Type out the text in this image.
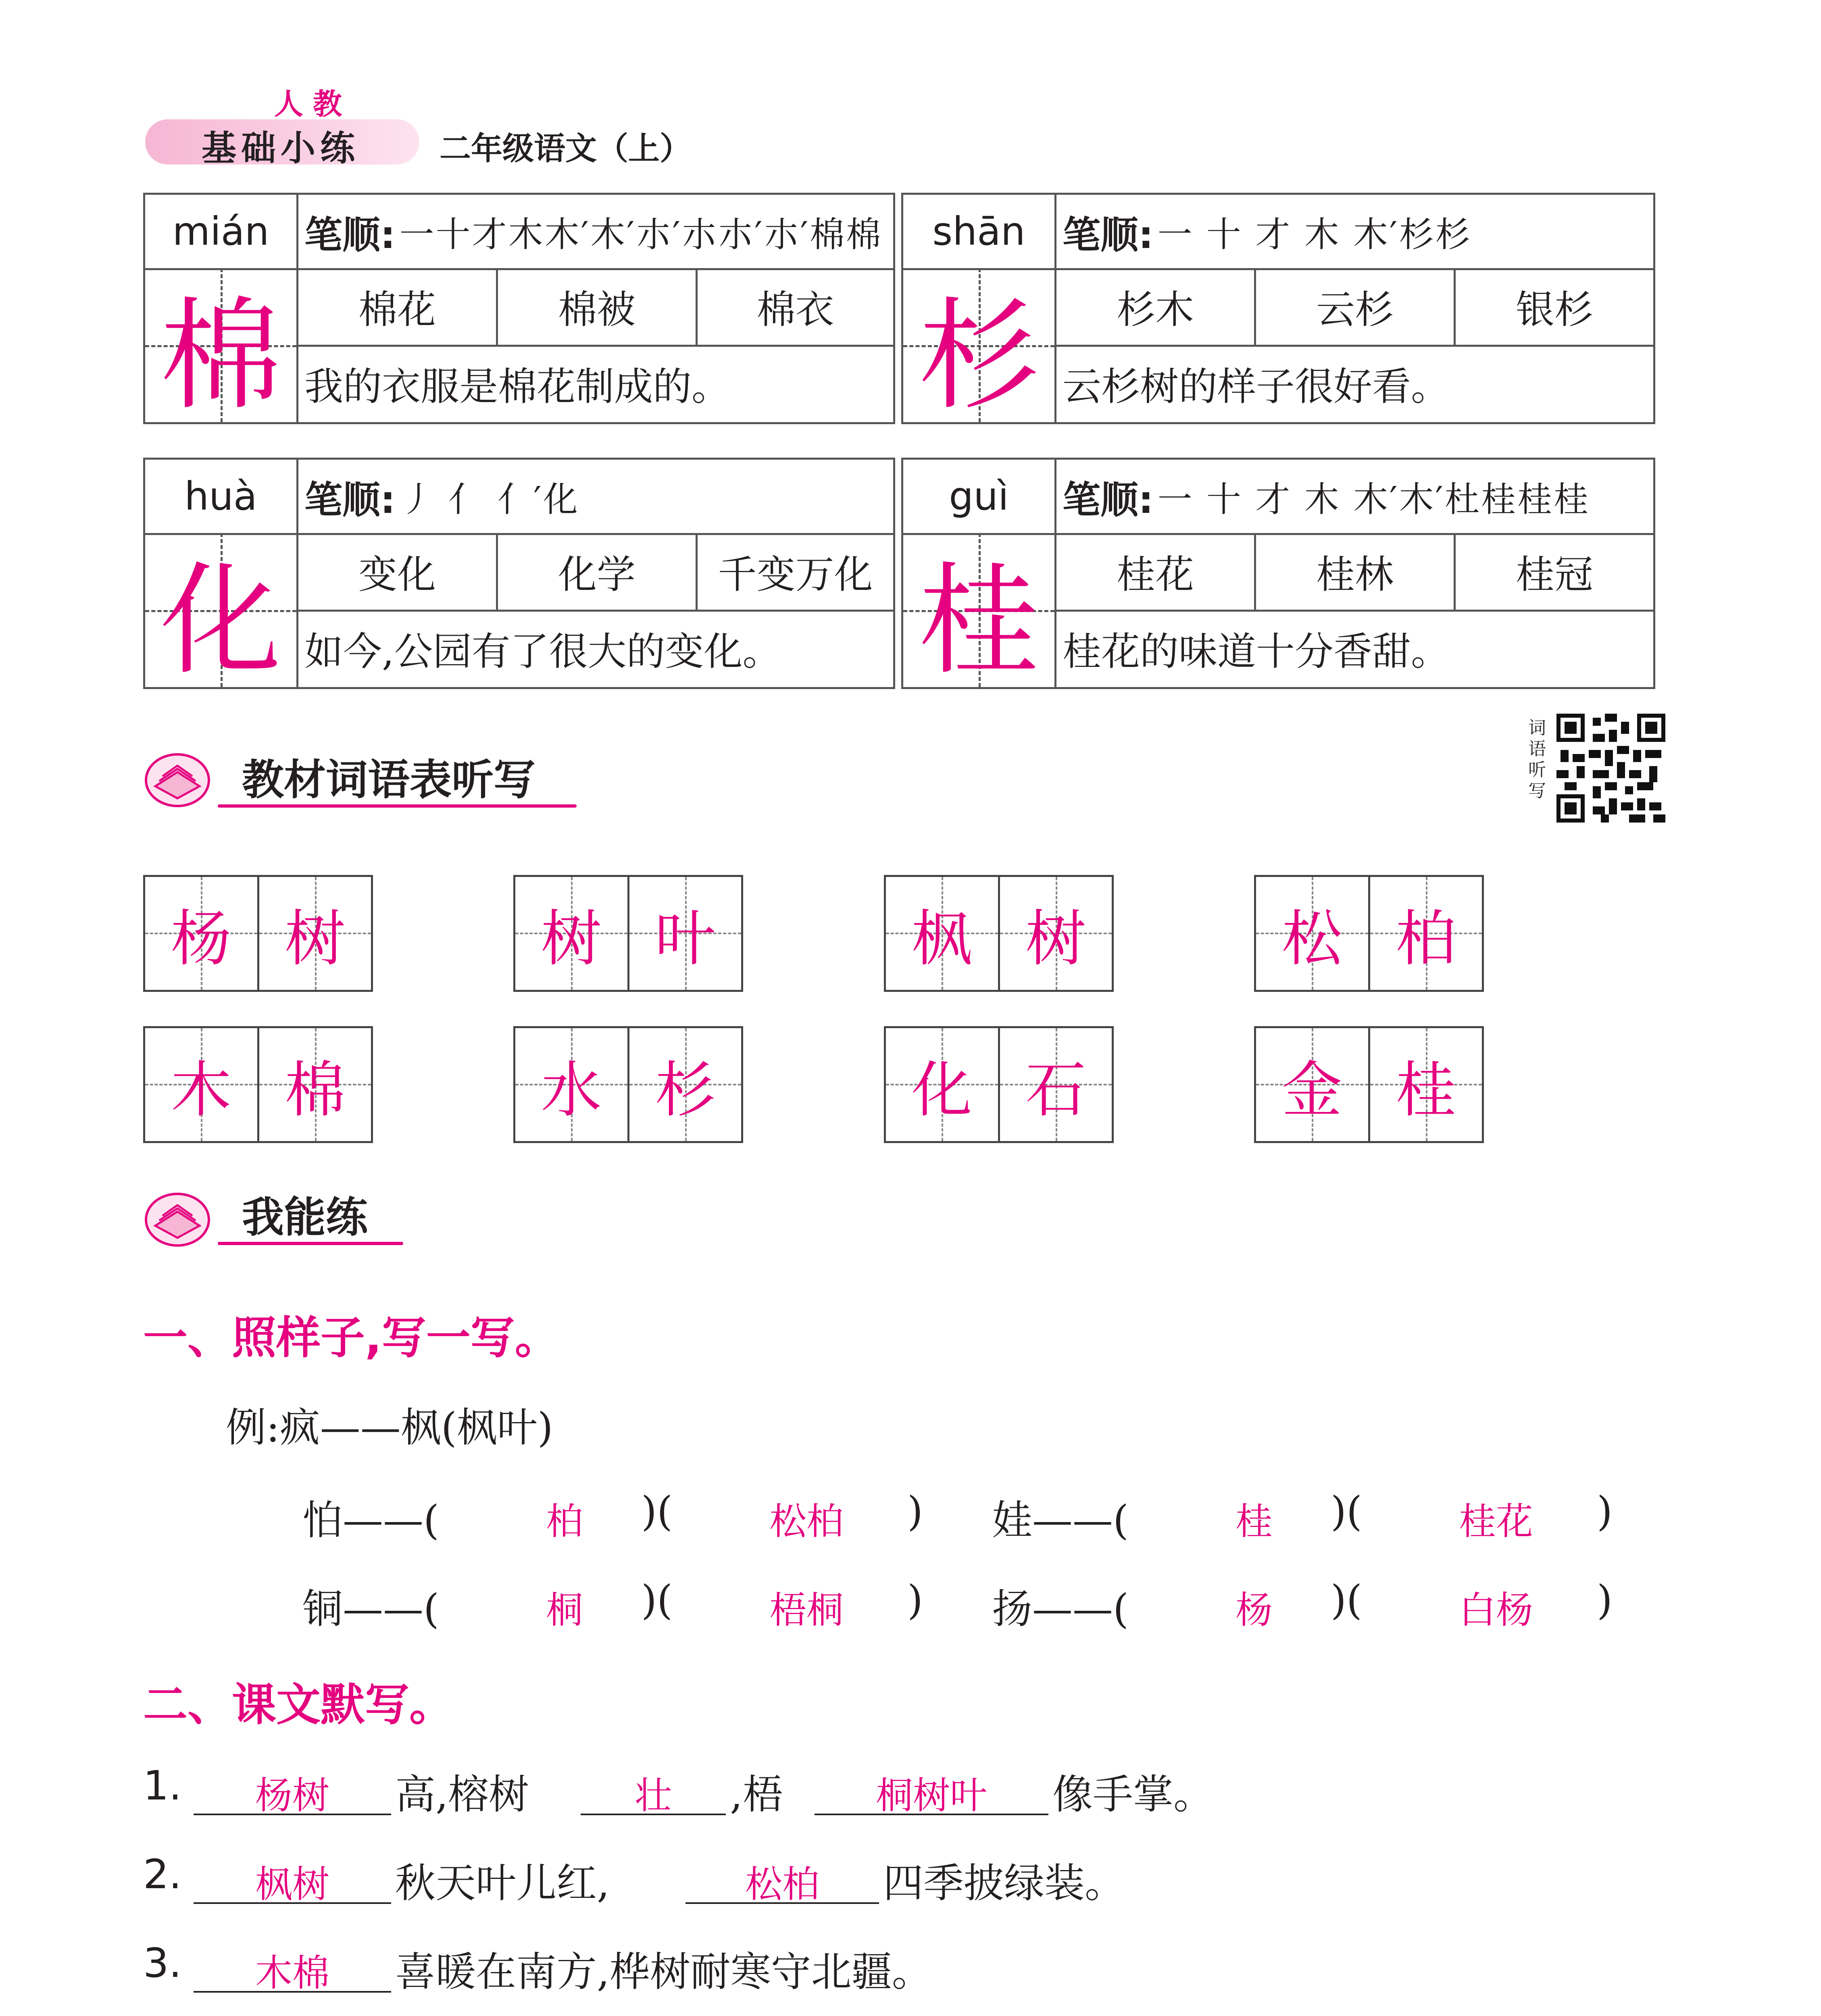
人教
基础小练	二年级语文（上）
mián
棉
笔顺: 一十才木木′木′朩′朩朩′朩′棉棉
棉花	棉被	棉衣
我的衣服是棉花制成的。
shān
杉
笔顺: 一 十 才 木 木′杉杉
杉木	云杉	银杉
云杉树的样子很好看。
huà
化
笔顺: 丿 亻 亻′化
变化	化学	千变万化
如今,公园有了很大的变化。
guì
桂
笔顺: 一 十 才 木 木′木′杜桂桂桂
桂花	桂林	桂冠
桂花的味道十分香甜。
教材词语表听写
词语听写
杨 树	树 叶	枫 树	松 柏
木 棉	水 杉	化 石	金 桂
我能练
一、照样子,写一写。
例:疯——枫(枫叶)
怕——(	柏	)(	松柏	) 娃——(	桂	)(	桂花	)
铜——(	桐	)(	梧桐	) 扬——(	杨	)(	白杨	)
二、课文默写。
1.	杨树	高,榕树	壮	,梧	桐树叶	像手掌。
2.	枫树	秋天叶儿红,	松柏	四季披绿装。
3.	木棉	喜暖在南方,桦树耐寒守北疆。
